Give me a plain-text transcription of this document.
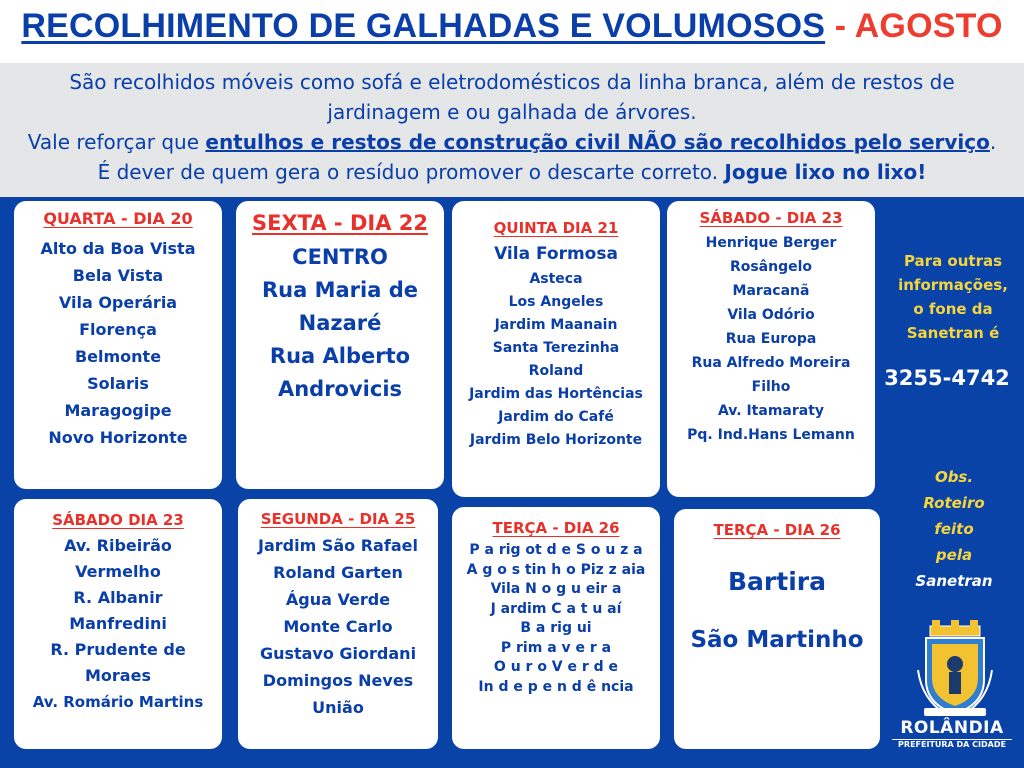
RECOLHIMENTO DE GALHADAS E VOLUMOSOS - AGOSTO

São recolhidos móveis como sofá e eletrodomésticos da linha branca, além de restos de

jardinagem e ou galhada de árvores.

Vale reforçar que entulhos e restos de construção civil NÃO são recolhidos pelo serviço.

É dever de quem gera o resíduo promover o descarte correto. Jogue lixo no lixo!

QUARTA - DIA 20
Alto da Boa Vista
Bela Vista
Vila Operária
Florença
Belmonte
Solaris
Maragogipe
Novo Horizonte
SEXTA - DIA 22
CENTRO
Rua Maria de
Nazaré
Rua Alberto
Androvicis
QUINTA DIA 21
Vila Formosa
Asteca
Los Angeles
Jardim Maanain
Santa Terezinha
Roland
Jardim das Hortências
Jardim do Café
Jardim Belo Horizonte
SÁBADO - DIA 23
Henrique Berger
Rosângelo
Maracanã
Vila Odório
Rua Europa
Rua Alfredo Moreira
Filho
Av. Itamaraty
Pq. Ind.Hans Lemann
SÁBADO DIA 23
Av. Ribeirão
Vermelho
R. Albanir
Manfredini
R. Prudente de
Moraes
Av. Romário Martins
SEGUNDA - DIA 25
Jardim São Rafael
Roland Garten
Água Verde
Monte Carlo
Gustavo Giordani
Domingos Neves
União
TERÇA - DIA 26
P a rig ot d e S o u z a
A g o s tin h o Piz z aia
Vila N o g u eir a
J ardim C a t u aí
B a rig ui
P rim a v e r a
O u r o V e r d e
In d e p e n d ê ncia
TERÇA - DIA 26
Bartira
São Martinho
Para outras
informações,
o fone da
Sanetran é
3255-4742
Obs.
Roteiro
feito
pela
Sanetran
ROLÂNDIA
PREFEITURA DA CIDADE
